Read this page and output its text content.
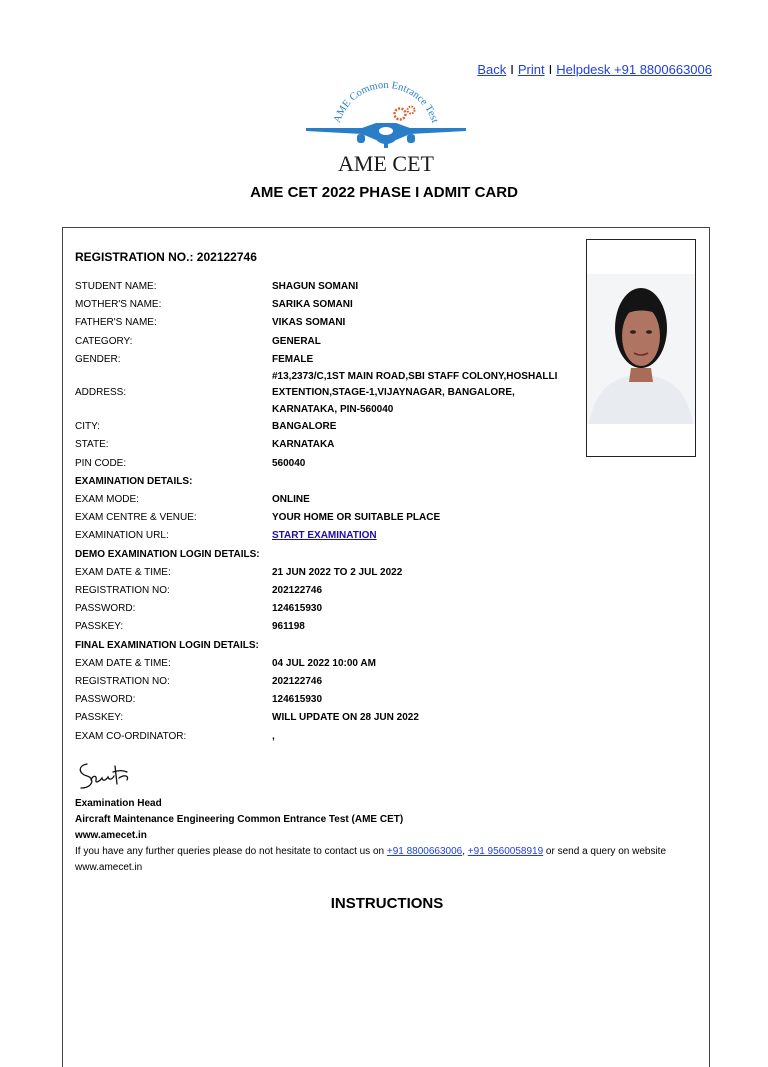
Back I Print I Helpdesk +91 8800663006
AME Common Entrance Test
AME CET
AME CET 2022 PHASE I ADMIT CARD
REGISTRATION NO.: 202122746
STUDENT NAME:	SHAGUN SOMANI
MOTHER'S NAME:	SARIKA SOMANI
FATHER'S NAME:	VIKAS SOMANI
CATEGORY:	GENERAL
GENDER:	FEMALE
ADDRESS:
#13,2373/C,1ST MAIN ROAD,SBI STAFF COLONY,HOSHALLI
EXTENTION,STAGE-1,VIJAYNAGAR, BANGALORE,
KARNATAKA, PIN-560040
CITY:	BANGALORE
STATE:	KARNATAKA
PIN CODE:	560040
EXAMINATION DETAILS:
EXAM MODE:	ONLINE
EXAM CENTRE & VENUE:	YOUR HOME OR SUITABLE PLACE
EXAMINATION URL:	START EXAMINATION
DEMO EXAMINATION LOGIN DETAILS:
EXAM DATE & TIME:	21 JUN 2022 TO 2 JUL 2022
REGISTRATION NO:	202122746
PASSWORD:	124615930
PASSKEY:	961198
FINAL EXAMINATION LOGIN DETAILS:
EXAM DATE & TIME:	04 JUL 2022 10:00 AM
REGISTRATION NO:	202122746
PASSWORD:	124615930
PASSKEY:	WILL UPDATE ON 28 JUN 2022
EXAM CO-ORDINATOR:	,
Examination Head
Aircraft Maintenance Engineering Common Entrance Test (AME CET)
www.amecet.in
If you have any further queries please do not hesitate to contact us on +91 8800663006, +91 9560058919 or send a query on website
www.amecet.in
INSTRUCTIONS
